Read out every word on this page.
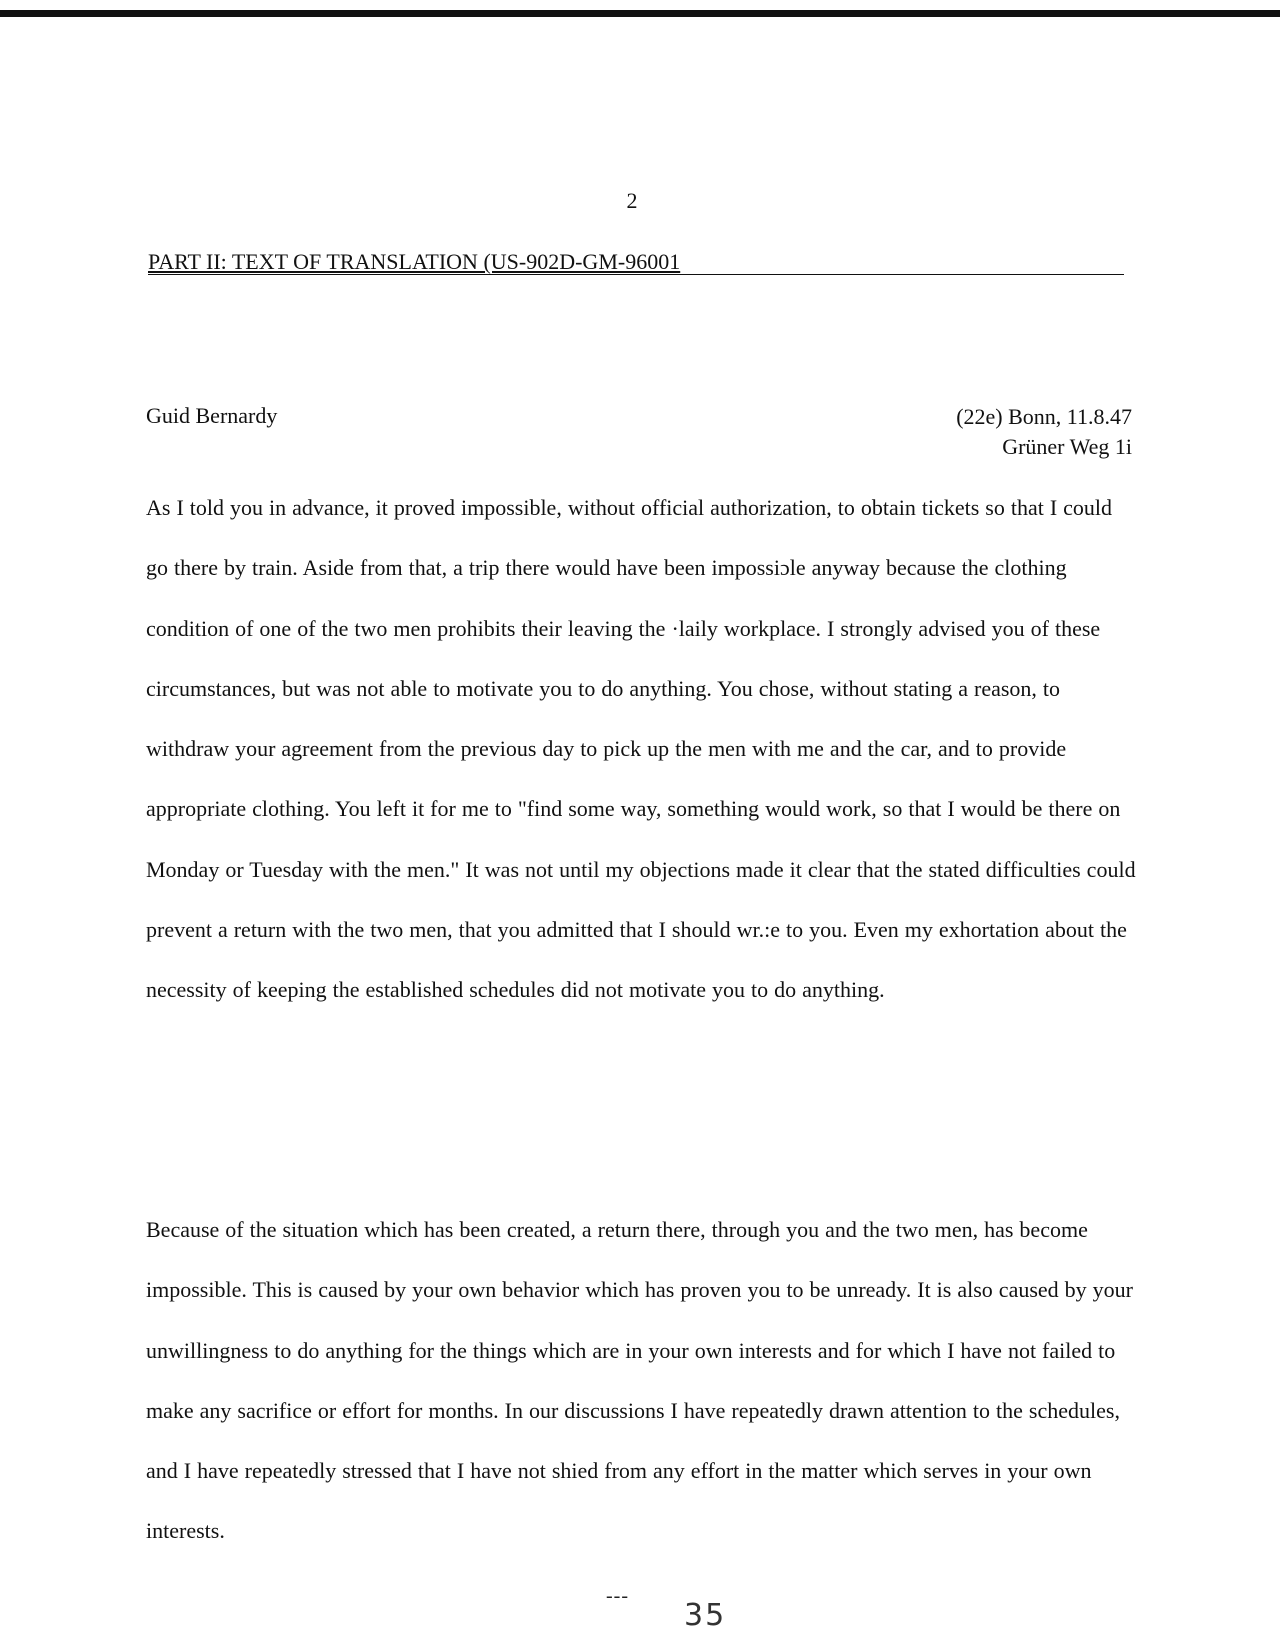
2
PART II: TEXT OF TRANSLATION (US-902D-GM-96001
Guid Bernardy	(22e) Bonn, 11.8.47
Grüner Weg 1i

As I told you in advance, it proved impossible, without official authorization, to obtain tickets so that I could go there by train. Aside from that, a trip there would have been impossiɔle anyway because the clothing condition of one of the two men prohibits their leaving the ·laily workplace. I strongly advised you of these circumstances, but was not able to motivate you to do anything. You chose, without stating a reason, to withdraw your agreement from the previous day to pick up the men with me and the car, and to provide appropriate clothing. You left it for me to "find some way, something would work, so that I would be there on Monday or Tuesday with the men." It was not until my objections made it clear that the stated difficulties could prevent a return with the two men, that you admitted that I should wr.:e to you. Even my exhortation about the necessity of keeping the established schedules did not motivate you to do anything.

Because of the situation which has been created, a return there, through you and the two men, has become impossible. This is caused by your own behavior which has proven you to be unready. It is also caused by your unwillingness to do anything for the things which are in your own interests and for which I have not failed to make any sacrifice or effort for months. In our discussions I have repeatedly drawn attention to the schedules, and I have repeatedly stressed that I have not shied from any effort in the matter which serves in your own interests.

---
35
